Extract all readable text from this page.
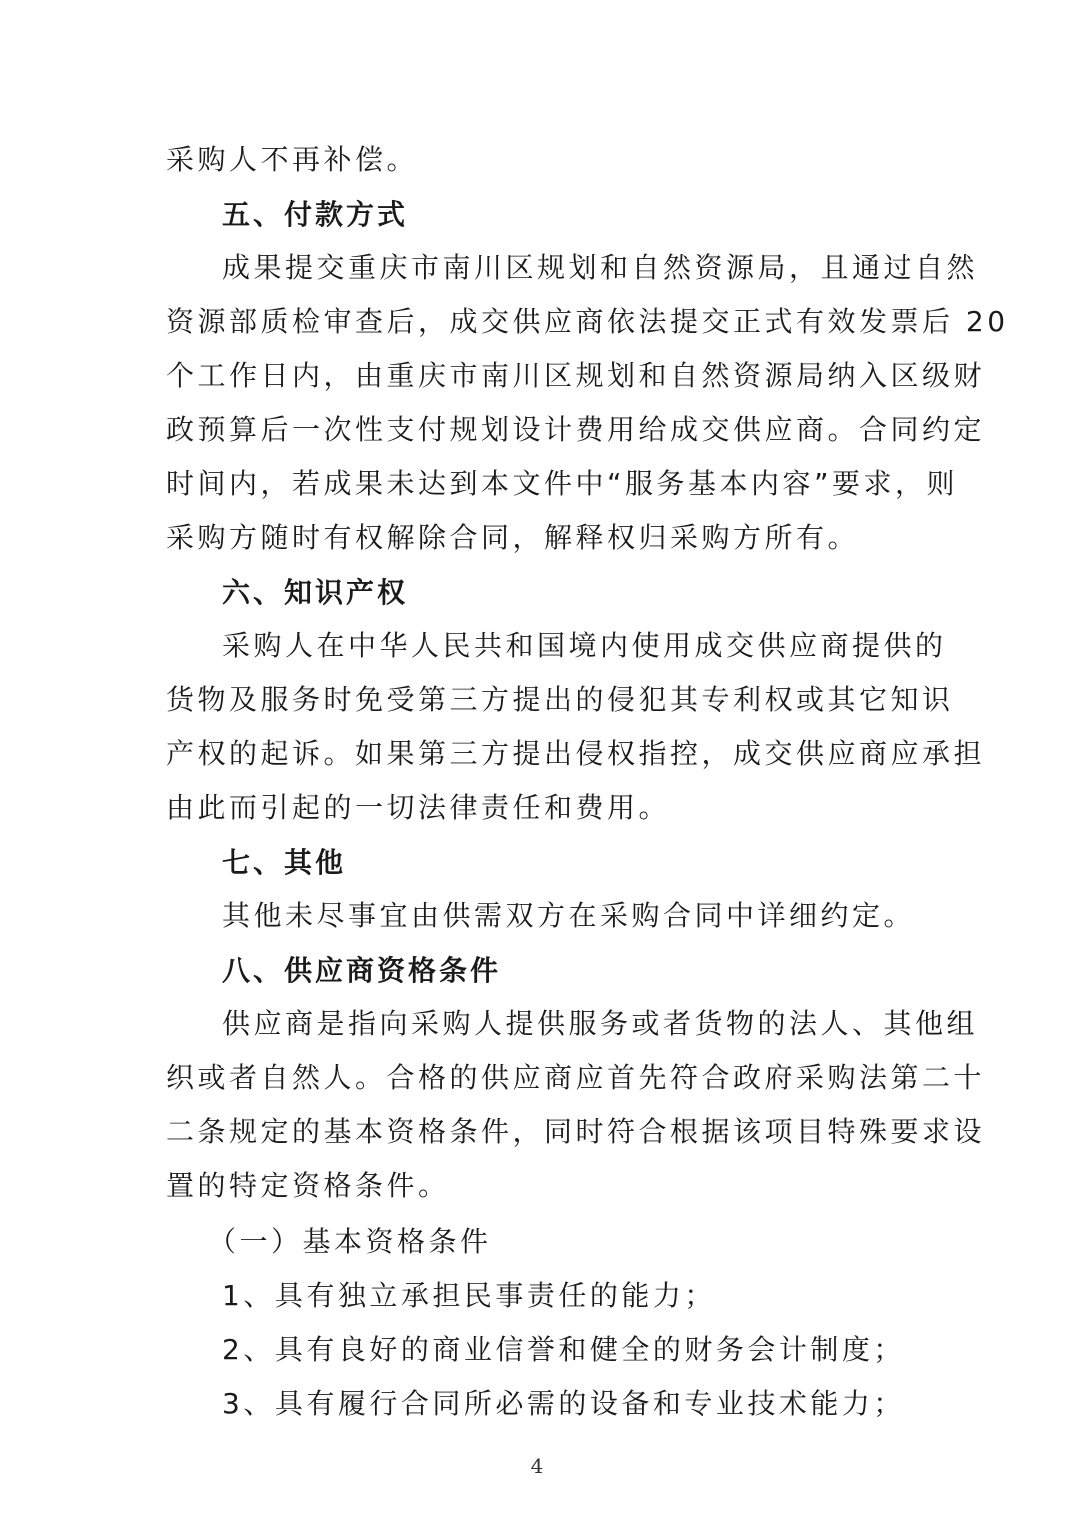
采购人不再补偿。
五、付款方式
成果提交重庆市南川区规划和自然资源局，且通过自然
资源部质检审查后，成交供应商依法提交正式有效发票后 20
个工作日内，由重庆市南川区规划和自然资源局纳入区级财
政预算后一次性支付规划设计费用给成交供应商。合同约定
时间内，若成果未达到本文件中“服务基本内容”要求，则
采购方随时有权解除合同，解释权归采购方所有。
六、知识产权
采购人在中华人民共和国境内使用成交供应商提供的
货物及服务时免受第三方提出的侵犯其专利权或其它知识
产权的起诉。如果第三方提出侵权指控，成交供应商应承担
由此而引起的一切法律责任和费用。
七、其他
其他未尽事宜由供需双方在采购合同中详细约定。
八、供应商资格条件
供应商是指向采购人提供服务或者货物的法人、其他组
织或者自然人。合格的供应商应首先符合政府采购法第二十
二条规定的基本资格条件，同时符合根据该项目特殊要求设
置的特定资格条件。
（一）基本资格条件
1、具有独立承担民事责任的能力；
2、具有良好的商业信誉和健全的财务会计制度；
3、具有履行合同所必需的设备和专业技术能力；
4
